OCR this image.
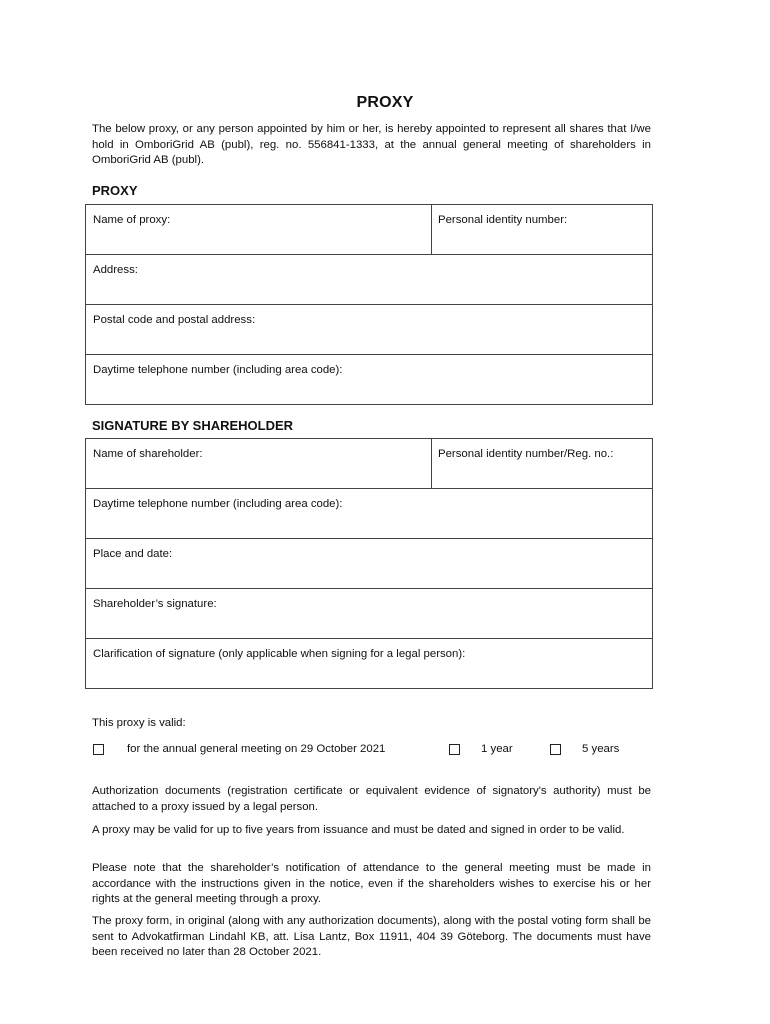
PROXY
The below proxy, or any person appointed by him or her, is hereby appointed to represent all shares that I/we hold in OmboriGrid AB (publ), reg. no. 556841-1333, at the annual general meeting of shareholders in OmboriGrid AB (publ).
PROXY
Name of proxy:	Personal identity number:
Address:
Postal code and postal address:
Daytime telephone number (including area code):
SIGNATURE BY SHAREHOLDER
Name of shareholder:	Personal identity number/Reg. no.:
Daytime telephone number (including area code):
Place and date:
Shareholder’s signature:
Clarification of signature (only applicable when signing for a legal person):
This proxy is valid:
for the annual general meeting on 29 October 2021	1 year	5 years
Authorization documents (registration certificate or equivalent evidence of signatory's authority) must be attached to a proxy issued by a legal person.
A proxy may be valid for up to five years from issuance and must be dated and signed in order to be valid.
Please note that the shareholder’s notification of attendance to the general meeting must be made in accordance with the instructions given in the notice, even if the shareholders wishes to exercise his or her rights at the general meeting through a proxy.
The proxy form, in original (along with any authorization documents), along with the postal voting form shall be sent to Advokatfirman Lindahl KB, att. Lisa Lantz, Box 11911, 404 39 Göteborg. The documents must have been received no later than 28 October 2021.
